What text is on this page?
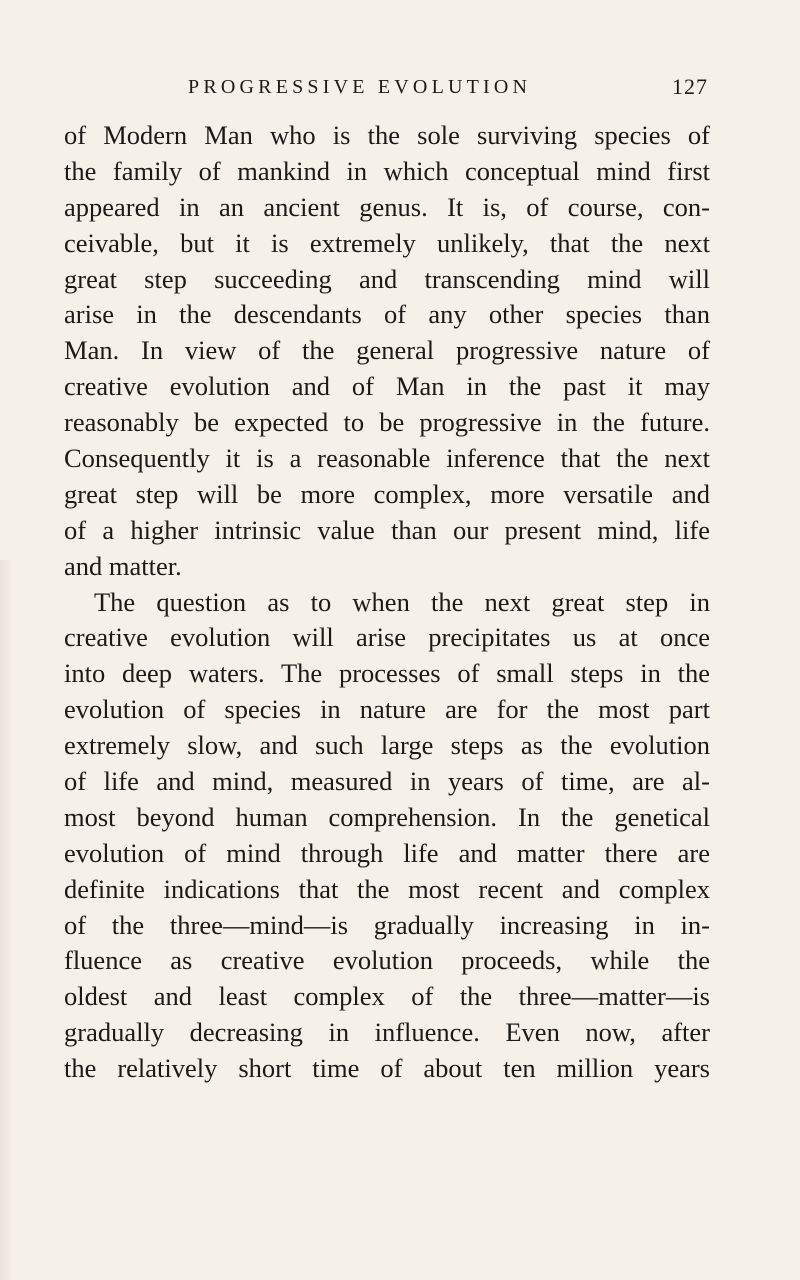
PROGRESSIVE EVOLUTION	127
of Modern Man who is the sole surviving species of
the family of mankind in which conceptual mind first
appeared in an ancient genus. It is, of course, con-
ceivable, but it is extremely unlikely, that the next
great step succeeding and transcending mind will
arise in the descendants of any other species than
Man. In view of the general progressive nature of
creative evolution and of Man in the past it may
reasonably be expected to be progressive in the future.
Consequently it is a reasonable inference that the next
great step will be more complex, more versatile and
of a higher intrinsic value than our present mind, life
and matter.
The question as to when the next great step in
creative evolution will arise precipitates us at once
into deep waters. The processes of small steps in the
evolution of species in nature are for the most part
extremely slow, and such large steps as the evolution
of life and mind, measured in years of time, are al-
most beyond human comprehension. In the genetical
evolution of mind through life and matter there are
definite indications that the most recent and complex
of the three—mind—is gradually increasing in in-
fluence as creative evolution proceeds, while the
oldest and least complex of the three—matter—is
gradually decreasing in influence. Even now, after
the relatively short time of about ten million years
